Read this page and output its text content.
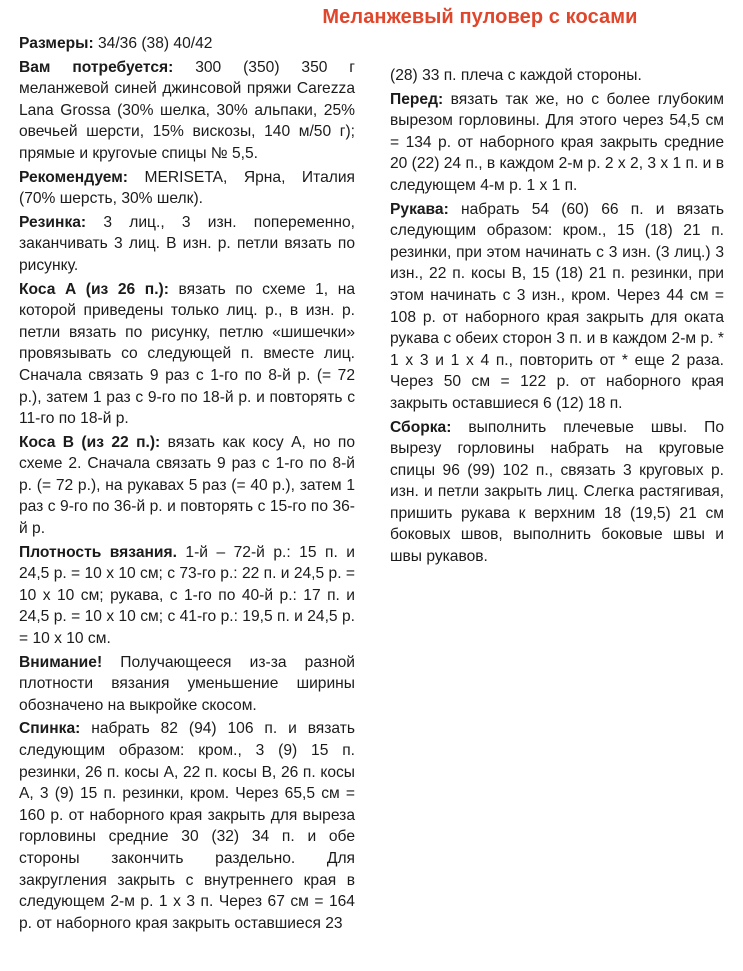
Меланжевый пуловер с косами

Размеры: 34/36 (38) 40/42

Вам потребуется: 300 (350) 350 г меланжевой синей джинсовой пряжи Carezza Lana Grossa (30% шелка, 30% альпаки, 25% овечьей шерсти, 15% вискозы, 140 м/50 г); прямые и кругоvые спицы № 5,5.

Рекомендуем: MERISETA, Ярна, Италия (70% шерсть, 30% шелк).

Резинка: 3 лиц., 3 изн. попеременно, заканчивать 3 лиц. В изн. р. петли вязать по рисунку.

Коса А (из 26 п.): вязать по схеме 1, на которой приведены только лиц. р., в изн. р. петли вязать по рисунку, петлю «шишечки» провязывать со следующей п. вместе лиц. Сначала связать 9 раз с 1-го по 8-й р. (= 72 р.), затем 1 раз с 9-го по 18-й р. и повторять с 11-го по 18-й р.

Коса В (из 22 п.): вязать как косу А, но по схеме 2. Сначала связать 9 раз с 1-го по 8-й р. (= 72 р.), на рукавах 5 раз (= 40 р.), затем 1 раз с 9-го по 36-й р. и повторять с 15-го по 36-й р.

Плотность вязания. 1-й – 72-й р.: 15 п. и 24,5 р. = 10 х 10 см; с 73-го р.: 22 п. и 24,5 р. = 10 х 10 см; рукава, с 1-го по 40-й р.: 17 п. и 24,5 р. = 10 х 10 см; с 41-го р.: 19,5 п. и 24,5 р. = 10 х 10 см.

Внимание! Получающееся из-за разной плотности вязания уменьшение ширины обозначено на выкройке скосом.

Спинка: набрать 82 (94) 106 п. и вязать следующим образом: кром., 3 (9) 15 п. резинки, 26 п. косы А, 22 п. косы В, 26 п. косы А, 3 (9) 15 п. резинки, кром. Через 65,5 см = 160 р. от наборного края закрыть для выреза горловины средние 30 (32) 34 п. и обе стороны закончить раздельно. Для закругления закрыть с внутреннего края в следующем 2-м р. 1 х 3 п. Через 67 см = 164 р. от наборного края закрыть оставшиеся 23

(28) 33 п. плеча с каждой стороны.

Перед: вязать так же, но с более глубоким вырезом горловины. Для этого через 54,5 см = 134 р. от наборного края закрыть средние 20 (22) 24 п., в каждом 2-м р. 2 х 2, 3 х 1 п. и в следующем 4-м р. 1 х 1 п.

Рукава: набрать 54 (60) 66 п. и вязать следующим образом: кром., 15 (18) 21 п. резинки, при этом начинать с 3 изн. (3 лиц.) 3 изн., 22 п. косы В, 15 (18) 21 п. резинки, при этом начинать с 3 изн., кром. Через 44 см = 108 р. от наборного края закрыть для оката рукава с обеих сторон 3 п. и в каждом 2-м р. * 1 х 3 и 1 х 4 п., повторить от * еще 2 раза. Через 50 см = 122 р. от наборного края закрыть оставшиеся 6 (12) 18 п.

Сборка: выполнить плечевые швы. По вырезу горловины набрать на круговые спицы 96 (99) 102 п., связать 3 круговых р. изн. и петли закрыть лиц. Слегка растягивая, пришить рукава к верхним 18 (19,5) 21 см боковых швов, выполнить боковые швы и швы рукавов.
